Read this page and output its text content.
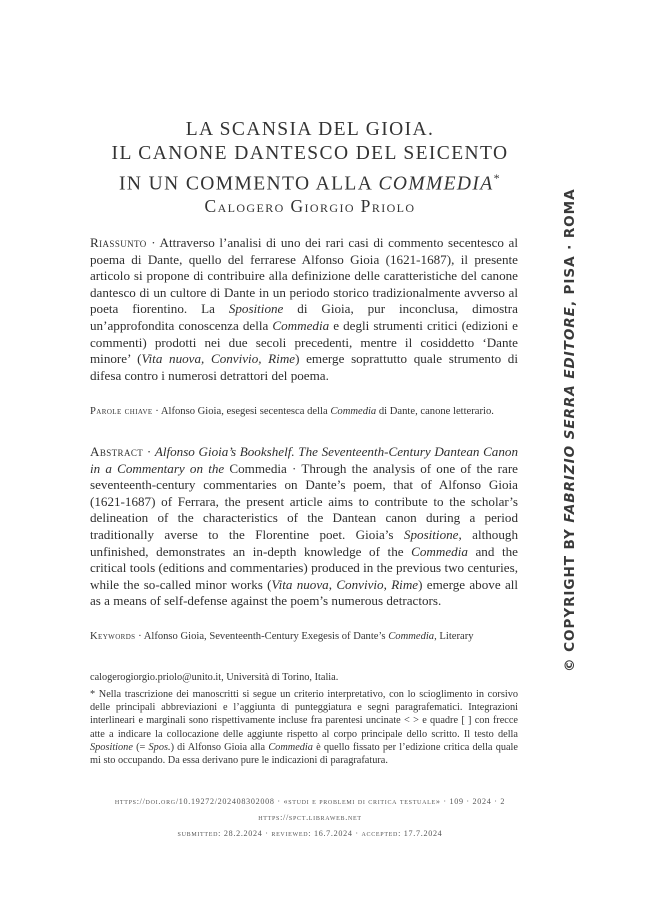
LA SCANSIA DEL GIOIA.
IL CANONE DANTESCO DEL SEICENTO
IN UN COMMENTO ALLA COMMEDIA*
Calogero Giorgio Priolo
Riassunto · Attraverso l’analisi di uno dei rari casi di commento secentesco al poema di Dante, quello del ferrarese Alfonso Gioia (1621-1687), il presente articolo si propone di contribuire alla definizione delle caratteristiche del canone dantesco di un cultore di Dante in un periodo storico tradizionalmente avverso al poeta fiorentino. La Spositione di Gioia, pur inconclusa, dimostra un’approfondita conoscenza della Commedia e degli strumenti critici (edizioni e commenti) prodotti nei due secoli precedenti, mentre il cosiddetto ‘Dante minore’ (Vita nuova, Convivio, Rime) emerge soprattutto quale strumento di difesa contro i numerosi detrattori del poema.
Parole chiave · Alfonso Gioia, esegesi secentesca della Commedia di Dante, canone letterario.
Abstract · Alfonso Gioia’s Bookshelf. The Seventeenth-Century Dantean Canon in a Commentary on the Commedia · Through the analysis of one of the rare seventeenth-century commentaries on Dante’s poem, that of Alfonso Gioia (1621-1687) of Ferrara, the present article aims to contribute to the scholar’s delineation of the characteristics of the Dantean canon during a period traditionally averse to the Florentine poet. Gioia’s Spositione, although unfinished, demonstrates an in-depth knowledge of the Commedia and the critical tools (editions and commentaries) produced in the previous two centuries, while the so-called minor works (Vita nuova, Convivio, Rime) emerge above all as a means of self-defense against the poem’s numerous detractors.
Keywords · Alfonso Gioia, Seventeenth-Century Exegesis of Dante’s Commedia, Literary
calogerogiorgio.priolo@unito.it, Università di Torino, Italia.
* Nella trascrizione dei manoscritti si segue un criterio interpretativo, con lo scioglimento in corsivo delle principali abbreviazioni e l’aggiunta di punteggiatura e segni paragrafematici. Integrazioni interlineari e marginali sono rispettivamente incluse fra parentesi uncinate < > e quadre [ ] con frecce atte a indicare la collocazione delle aggiunte rispetto al corpo principale dello scritto. Il testo della Spositione (= Spos.) di Alfonso Gioia alla Commedia è quello fissato per l’edizione critica della quale mi sto occupando. Da essa derivano pure le indicazioni di paragrafatura.
https://doi.org/10.19272/202408302008 · «studi e problemi di critica testuale» · 109 · 2024 · 2
https://spct.libraweb.net
submitted: 28.2.2024 · reviewed: 16.7.2024 · accepted: 17.7.2024
© COPYRIGHT BY FABRIZIO SERRA EDITORE, PISA · ROMA
